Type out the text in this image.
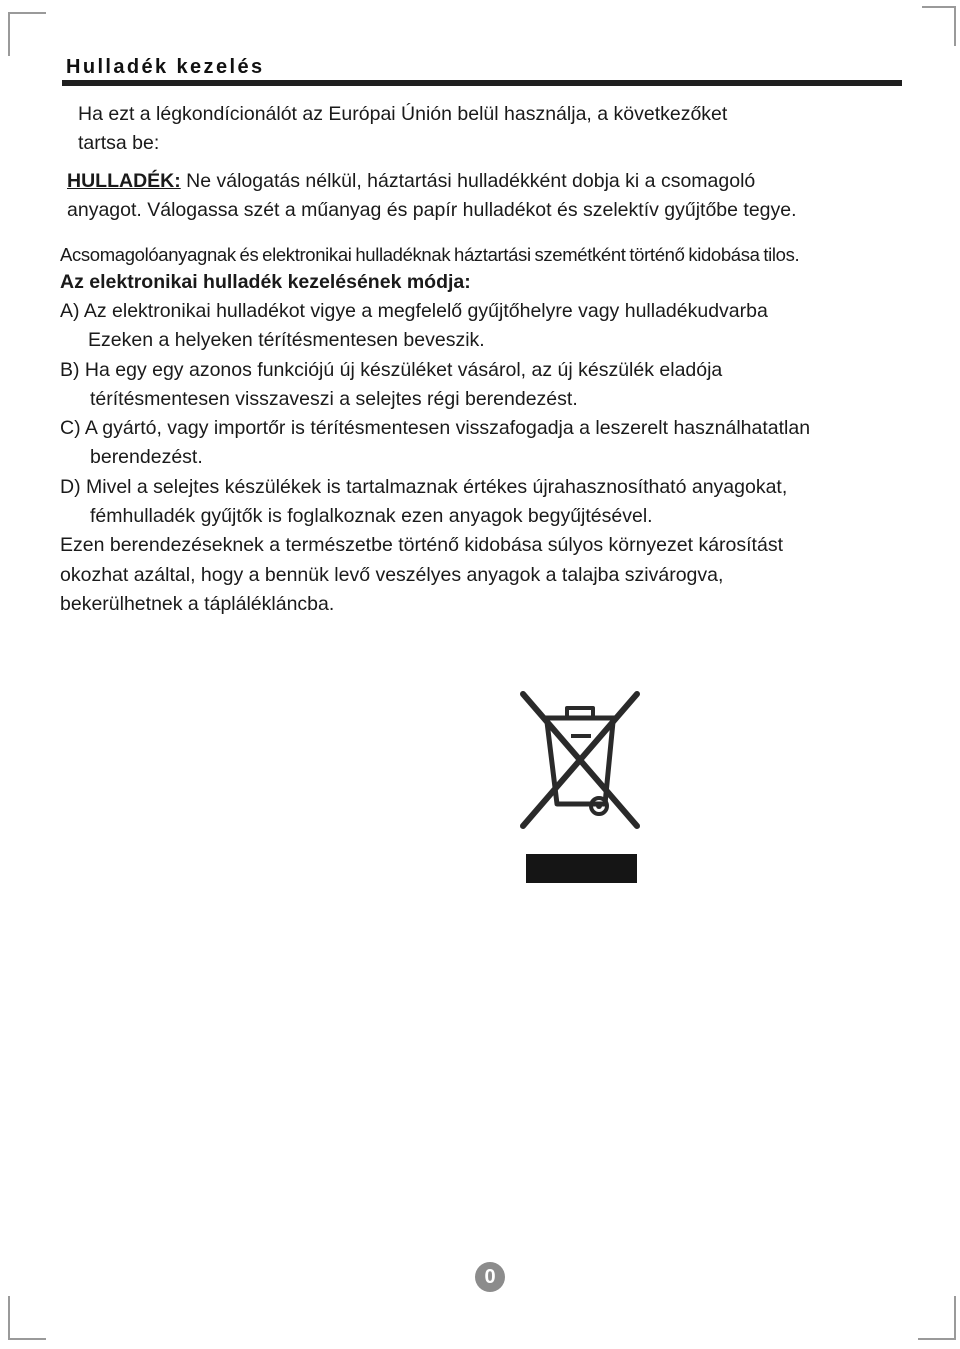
Hulladék kezelés

Ha ezt a légkondícionálót az Európai Únión belül használja, a következőket

tartsa be:

HULLADÉK: Ne válogatás nélkül, háztartási hulladékként dobja ki a csomagoló

anyagot. Válogassa szét a műanyag és papír hulladékot és szelektív gyűjtőbe tegye.

Acsomagolóanyagnak és elektronikai hulladéknak háztartási szemétként történő kidobása tilos.

Az elektronikai hulladék kezelésének módja:

A) Az elektronikai hulladékot vigye a megfelelő gyűjtőhelyre vagy hulladékudvarba

Ezeken a helyeken térítésmentesen beveszik.

B) Ha egy egy azonos funkciójú új készüléket vásárol, az új készülék eladója

térítésmentesen visszaveszi a selejtes régi berendezést.

C) A gyártó, vagy importőr is térítésmentesen visszafogadja a leszerelt használhatatlan

berendezést.

D) Mivel a selejtes készülékek is tartalmaznak értékes újrahasznosítható anyagokat,

fémhulladék gyűjtők is foglalkoznak ezen anyagok begyűjtésével.

Ezen berendezéseknek a természetbe történő kidobása súlyos környezet károsítást

okozhat azáltal, hogy a bennük levő veszélyes anyagok a talajba szivárogva,

bekerülhetnek a táplálékláncba.

0
